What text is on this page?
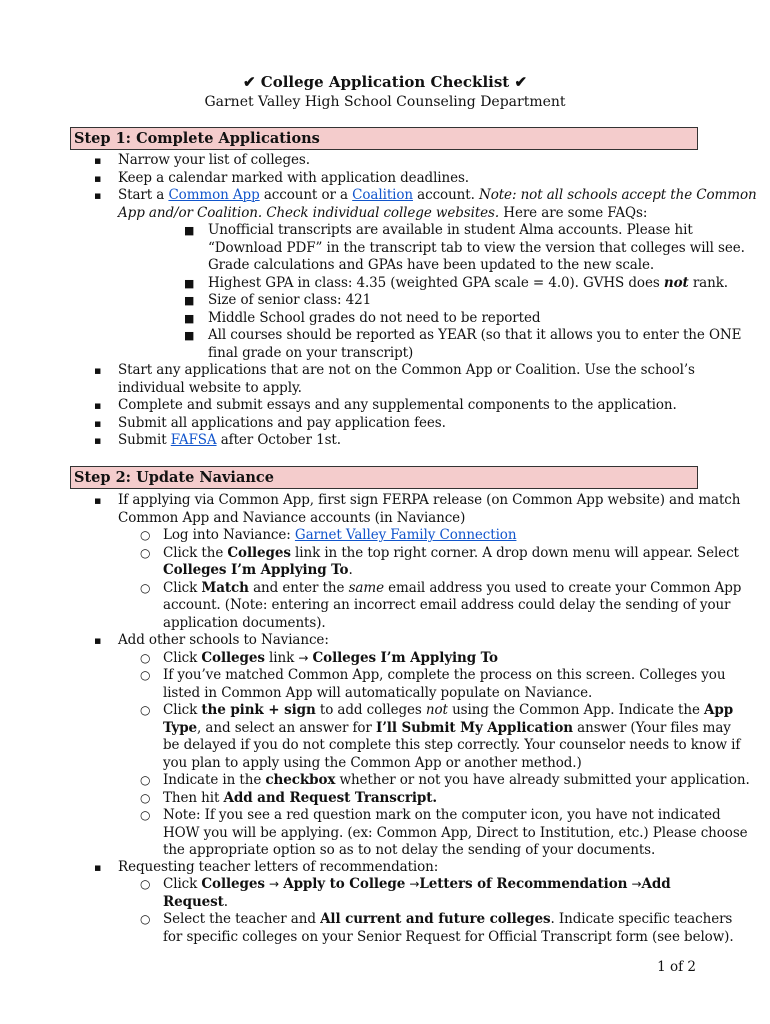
✔ College Application Checklist ✔
Garnet Valley High School Counseling Department
Step 1: Complete Applications
▪ Narrow your list of colleges.
▪ Keep a calendar marked with application deadlines.
▪ Start a Common App account or a Coalition account. Note: not all schools accept the Common
App and/or Coalition. Check individual college websites. Here are some FAQs:
■ Unofficial transcripts are available in student Alma accounts. Please hit
“Download PDF” in the transcript tab to view the version that colleges will see.
Grade calculations and GPAs have been updated to the new scale.
■ Highest GPA in class: 4.35 (weighted GPA scale = 4.0). GVHS does not rank.
■ Size of senior class: 421
■ Middle School grades do not need to be reported
■ All courses should be reported as YEAR (so that it allows you to enter the ONE
final grade on your transcript)
▪ Start any applications that are not on the Common App or Coalition. Use the school’s
individual website to apply.
▪ Complete and submit essays and any supplemental components to the application.
▪ Submit all applications and pay application fees.
▪ Submit FAFSA after October 1st.
Step 2: Update Naviance
▪ If applying via Common App, first sign FERPA release (on Common App website) and match
Common App and Naviance accounts (in Naviance)
○ Log into Naviance: Garnet Valley Family Connection
○ Click the Colleges link in the top right corner. A drop down menu will appear. Select
Colleges I’m Applying To.
○ Click Match and enter the same email address you used to create your Common App
account. (Note: entering an incorrect email address could delay the sending of your
application documents).
▪ Add other schools to Naviance:
○ Click Colleges link → Colleges I’m Applying To
○ If you’ve matched Common App, complete the process on this screen. Colleges you
listed in Common App will automatically populate on Naviance.
○ Click the pink + sign to add colleges not using the Common App. Indicate the App
Type, and select an answer for I’ll Submit My Application answer (Your files may
be delayed if you do not complete this step correctly. Your counselor needs to know if
you plan to apply using the Common App or another method.)
○ Indicate in the checkbox whether or not you have already submitted your application.
○ Then hit Add and Request Transcript.
○ Note: If you see a red question mark on the computer icon, you have not indicated
HOW you will be applying. (ex: Common App, Direct to Institution, etc.) Please choose
the appropriate option so as to not delay the sending of your documents.
▪ Requesting teacher letters of recommendation:
○ Click Colleges → Apply to College →Letters of Recommendation →Add
Request.
○ Select the teacher and All current and future colleges. Indicate specific teachers
for specific colleges on your Senior Request for Official Transcript form (see below).
1 of 2
